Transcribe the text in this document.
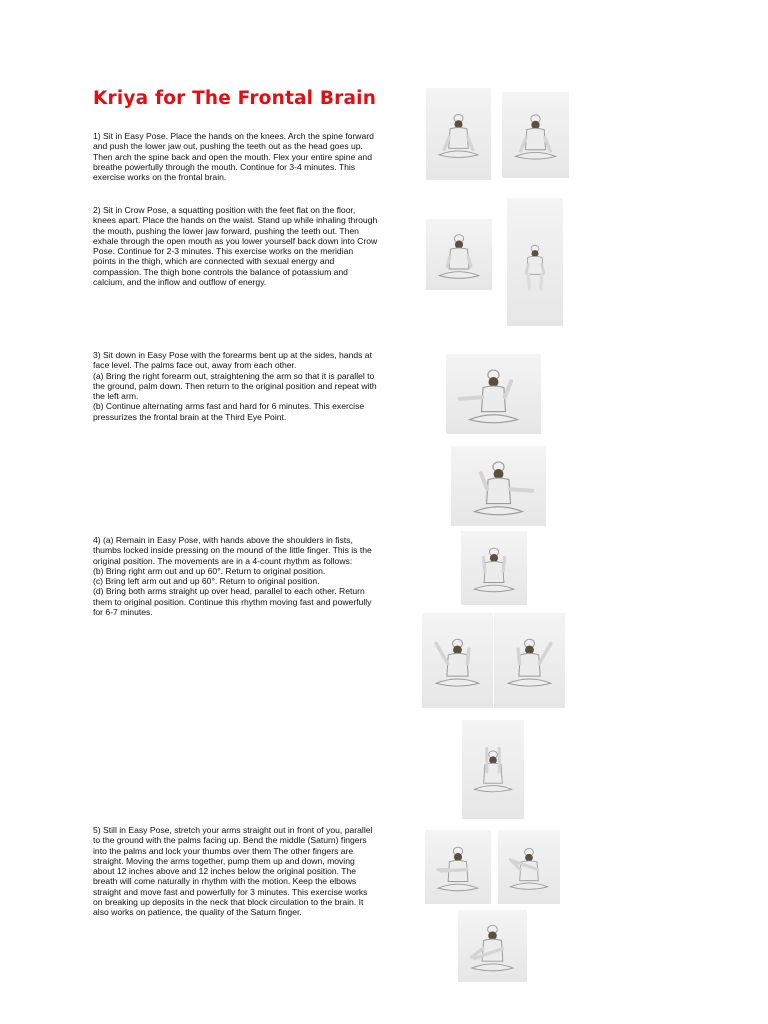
Kriya for The Frontal Brain

1) Sit in Easy Pose. Place the hands on the knees. Arch the spine forward
and push the lower jaw out, pushing the teeth out as the head goes up.
Then arch the spine back and open the mouth. Flex your entire spine and
breathe powerfully through the mouth. Continue for 3-4 minutes. This
exercise works on the frontal brain.

2) Sit in Crow Pose, a squatting position with the feet flat on the floor,
knees apart. Place the hands on the waist. Stand up while inhaling through
the mouth, pushing the lower jaw forward, pushing the teeth out. Then
exhale through the open mouth as you lower yourself back down into Crow
Pose. Continue for 2-3 minutes. This exercise works on the meridian
points in the thigh, which are connected with sexual energy and
compassion. The thigh bone controls the balance of potassium and
calcium, and the inflow and outflow of energy.

3) Sit down in Easy Pose with the forearms bent up at the sides, hands at
face level. The palms face out, away from each other.
(a) Bring the right forearm out, straightening the arm so that it is parallel to
the ground, palm down. Then return to the original position and repeat with
the left arm.
(b) Continue alternating arms fast and hard for 6 minutes. This exercise
pressurizes the frontal brain at the Third Eye Point.

4) (a) Remain in Easy Pose, with hands above the shoulders in fists,
thumbs locked inside pressing on the mound of the little finger. This is the
original position. The movements are in a 4-count rhythm as follows:
(b) Bring right arm out and up 60°. Return to original position.
(c) Bring left arm out and up 60°. Return to original position.
(d) Bring both arms straight up over head, parallel to each other. Return
them to original position. Continue this rhythm moving fast and powerfully
for 6-7 minutes.

5) Still in Easy Pose, stretch your arms straight out in front of you, parallel
to the ground with the palms facing up. Bend the middle (Saturn) fingers
into the palms and lock your thumbs over them The other fingers are
straight. Moving the arms together, pump them up and down, moving
about 12 inches above and 12 inches below the original position. The
breath will come naturally in rhythm with the motion. Keep the elbows
straight and move fast and powerfully for 3 minutes. This exercise works
on breaking up deposits in the neck that block circulation to the brain. It
also works on patience, the quality of the Saturn finger.
